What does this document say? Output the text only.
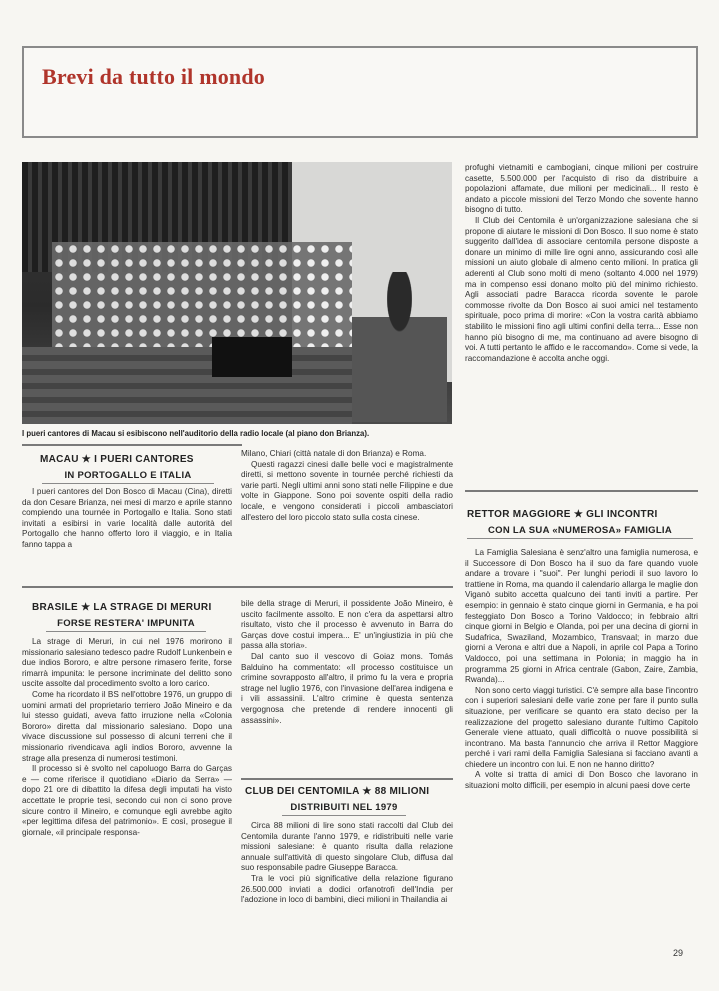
Brevi da tutto il mondo
I pueri cantores di Macau si esibiscono nell'auditorio della radio locale (al piano don Brianza).
MACAU ★ I PUERI CANTORES
IN PORTOGALLO E ITALIA

I pueri cantores del Don Bosco di Macau (Cina), diretti da don Cesare Brianza, nei mesi di marzo e aprile stanno compiendo una tournée in Portogallo e Italia. Sono stati invitati a esibirsi in varie località dalle autorità del Portogallo che hanno offerto loro il viaggio, e in Italia fanno tappa a

Milano, Chiari (città natale di don Brianza) e Roma.

Questi ragazzi cinesi dalle belle voci e magistralmente diretti, si mettono sovente in tournée perché richiesti da varie parti. Negli ultimi anni sono stati nelle Filippine e due volte in Giappone. Sono poi sovente ospiti della radio locale, e vengono considerati i piccoli ambasciatori all'estero del loro piccolo stato sulla costa cinese.

BRASILE ★ LA STRAGE DI MERURI
FORSE RESTERA' IMPUNITA

La strage di Meruri, in cui nel 1976 morirono il missionario salesiano tedesco padre Rudolf Lunkenbein e due indios Bororo, e altre persone rimasero ferite, forse rimarrà impunita: le persone incriminate del delitto sono uscite assolte dal procedimento svolto a loro carico.

Come ha ricordato il BS nell'ottobre 1976, un gruppo di uomini armati del proprietario terriero João Mineiro e da lui stesso guidati, aveva fatto irruzione nella «Colonia Bororo» diretta dal missionario salesiano. Dopo una vivace discussione sul possesso di alcuni terreni che il missionario rivendicava agli indios Bororo, avvenne la strage alla presenza di numerosi testimoni.

Il processo si è svolto nel capoluogo Barra do Garças e — come riferisce il quotidiano «Diario da Serra» — dopo 21 ore di dibattito la difesa degli imputati ha visto accettate le proprie tesi, secondo cui non ci sono prove sicure contro il Mineiro, e comunque egli avrebbe agito «per legittima difesa del patrimonio». E così, prosegue il giornale, «il principale responsa-

bile della strage di Meruri, il possidente João Mineiro, è uscito facilmente assolto. E non c'era da aspettarsi altro risultato, visto che il processo è avvenuto in Barra do Garças dove costui impera... E' un'ingiustizia in più che passa alla storia».

Dal canto suo il vescovo di Goiaz mons. Tomás Balduino ha commentato: «Il processo costituisce un crimine sovrapposto all'altro, il primo fu la vera e propria strage nel luglio 1976, con l'invasione dell'area indigena e i vili assassinii. L'altro crimine è questa sentenza vergognosa che pretende di rendere innocenti gli assassini».

CLUB DEI CENTOMILA ★ 88 MILIONI
DISTRIBUITI NEL 1979

Circa 88 milioni di lire sono stati raccolti dal Club dei Centomila durante l'anno 1979, e ridistribuiti nelle varie missioni salesiane: è quanto risulta dalla relazione annuale sull'attività di questo singolare Club, diffusa dal suo responsabile padre Giuseppe Baracca.

Tra le voci più significative della relazione figurano 26.500.000 inviati a dodici orfanotrofi dell'India per l'adozione in loco di bambini, dieci milioni in Thailandia ai

profughi vietnamiti e cambogiani, cinque milioni per costruire casette, 5.500.000 per l'acquisto di riso da distribuire a popolazioni affamate, due milioni per medicinali... Il resto è andato a piccole missioni del Terzo Mondo che sovente hanno bisogno di tutto.

Il Club dei Centomila è un'organizzazione salesiana che si propone di aiutare le missioni di Don Bosco. Il suo nome è stato suggerito dall'idea di associare centomila persone disposte a donare un minimo di mille lire ogni anno, assicurando così alle missioni un aiuto globale di almeno cento milioni. In pratica gli aderenti al Club sono molti di meno (soltanto 4.000 nel 1979) ma in compenso essi donano molto più del minimo richiesto. Agli associati padre Baracca ricorda sovente le parole commosse rivolte da Don Bosco ai suoi amici nel testamento spirituale, poco prima di morire: «Con la vostra carità abbiamo stabilito le missioni fino agli ultimi confini della terra... Esse non hanno più bisogno di me, ma continuano ad avere bisogno di voi. A tutti pertanto le affido e le raccomando». Come si vede, la raccomandazione è accolta anche oggi.

RETTOR MAGGIORE ★ GLI INCONTRI
CON LA SUA «NUMEROSA» FAMIGLIA

La Famiglia Salesiana è senz'altro una famiglia numerosa, e il Successore di Don Bosco ha il suo da fare quando vuole andare a trovare i "suoi". Per lunghi periodi il suo lavoro lo trattiene in Roma, ma quando il calendario allarga le maglie don Viganò subito accetta qualcuno dei tanti inviti a partire. Per esempio: in gennaio è stato cinque giorni in Germania, e ha poi festeggiato Don Bosco a Torino Valdocco; in febbraio altri cinque giorni in Belgio e Olanda, poi per una decina di giorni in Sudafrica, Swaziland, Mozambico, Transvaal; in marzo due giorni a Verona e altri due a Napoli, in aprile col Papa a Torino Valdocco, poi una settimana in Polonia; in maggio ha in programma 25 giorni in Africa centrale (Gabon, Zaire, Zambia, Rwanda)...

Non sono certo viaggi turistici. C'è sempre alla base l'incontro con i superiori salesiani delle varie zone per fare il punto sulla situazione, per verificare se quanto era stato deciso per la realizzazione del progetto salesiano durante l'ultimo Capitolo Generale viene attuato, quali difficoltà o nuove possibilità si incontrano. Ma basta l'annuncio che arriva il Rettor Maggiore perché i vari rami della Famiglia Salesiana si facciano avanti a chiedere un incontro con lui. E non ne hanno diritto?

A volte si tratta di amici di Don Bosco che lavorano in situazioni molto difficili, per esempio in alcuni paesi dove certe

29
